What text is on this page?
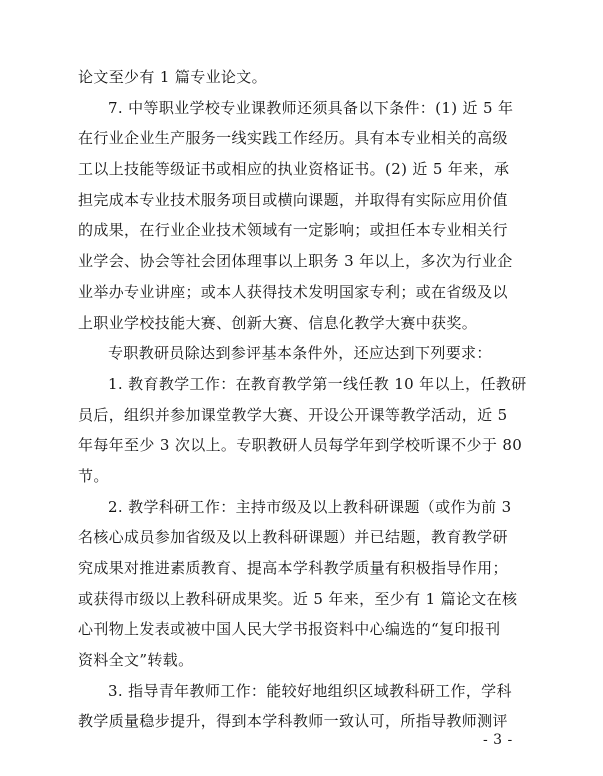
论文至少有 1 篇专业论文。
7. 中等职业学校专业课教师还须具备以下条件：(1) 近 5 年
在行业企业生产服务一线实践工作经历。具有本专业相关的高级
工以上技能等级证书或相应的执业资格证书。(2) 近 5 年来，承
担完成本专业技术服务项目或横向课题，并取得有实际应用价值
的成果，在行业企业技术领域有一定影响；或担任本专业相关行
业学会、协会等社会团体理事以上职务 3 年以上，多次为行业企
业举办专业讲座；或本人获得技术发明国家专利；或在省级及以
上职业学校技能大赛、创新大赛、信息化教学大赛中获奖。
专职教研员除达到参评基本条件外，还应达到下列要求：
1. 教育教学工作：在教育教学第一线任教 10 年以上，任教研
员后，组织并参加课堂教学大赛、开设公开课等教学活动，近 5
年每年至少 3 次以上。专职教研人员每学年到学校听课不少于 80
节。
2. 教学科研工作：主持市级及以上教科研课题（或作为前 3
名核心成员参加省级及以上教科研课题）并已结题，教育教学研
究成果对推进素质教育、提高本学科教学质量有积极指导作用；
或获得市级以上教科研成果奖。近 5 年来，至少有 1 篇论文在核
心刊物上发表或被中国人民大学书报资料中心编选的“复印报刊
资料全文”转载。
3. 指导青年教师工作：能较好地组织区域教科研工作，学科
教学质量稳步提升，得到本学科教师一致认可，所指导教师测评
- 3 -
